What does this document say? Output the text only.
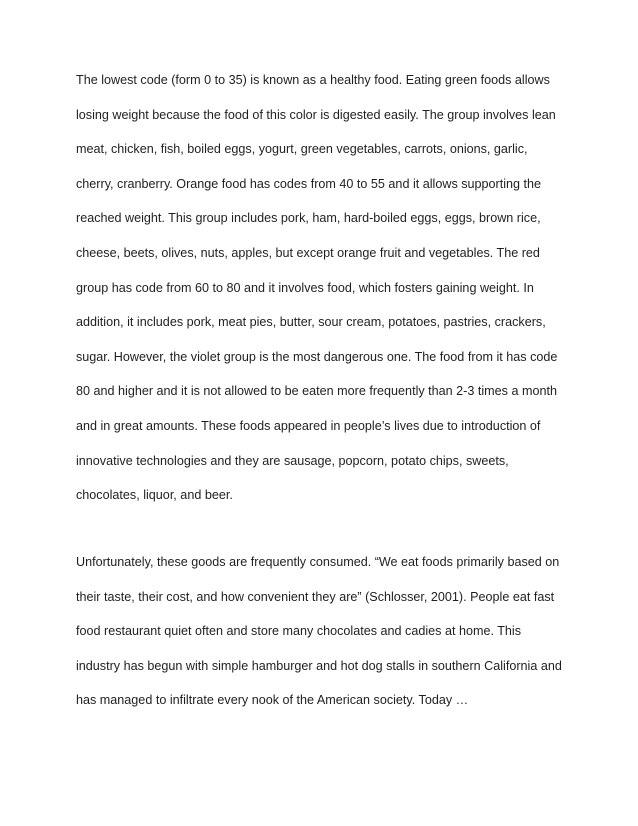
The lowest code (form 0 to 35) is known as a healthy food. Eating green foods allows
losing weight because the food of this color is digested easily. The group involves lean
meat, chicken, fish, boiled eggs, yogurt, green vegetables, carrots, onions, garlic,
cherry, cranberry. Orange food has codes from 40 to 55 and it allows supporting the
reached weight. This group includes pork, ham, hard-boiled eggs, eggs, brown rice,
cheese, beets, olives, nuts, apples, but except orange fruit and vegetables. The red
group has code from 60 to 80 and it involves food, which fosters gaining weight. In
addition, it includes pork, meat pies, butter, sour cream, potatoes, pastries, crackers,
sugar. However, the violet group is the most dangerous one. The food from it has code
80 and higher and it is not allowed to be eaten more frequently than 2-3 times a month
and in great amounts. These foods appeared in people’s lives due to introduction of
innovative technologies and they are sausage, popcorn, potato chips, sweets,
chocolates, liquor, and beer.
Unfortunately, these goods are frequently consumed. “We eat foods primarily based on
their taste, their cost, and how convenient they are” (Schlosser, 2001). People eat fast
food restaurant quiet often and store many chocolates and cadies at home. This
industry has begun with simple hamburger and hot dog stalls in southern California and
has managed to infiltrate every nook of the American society. Today …
